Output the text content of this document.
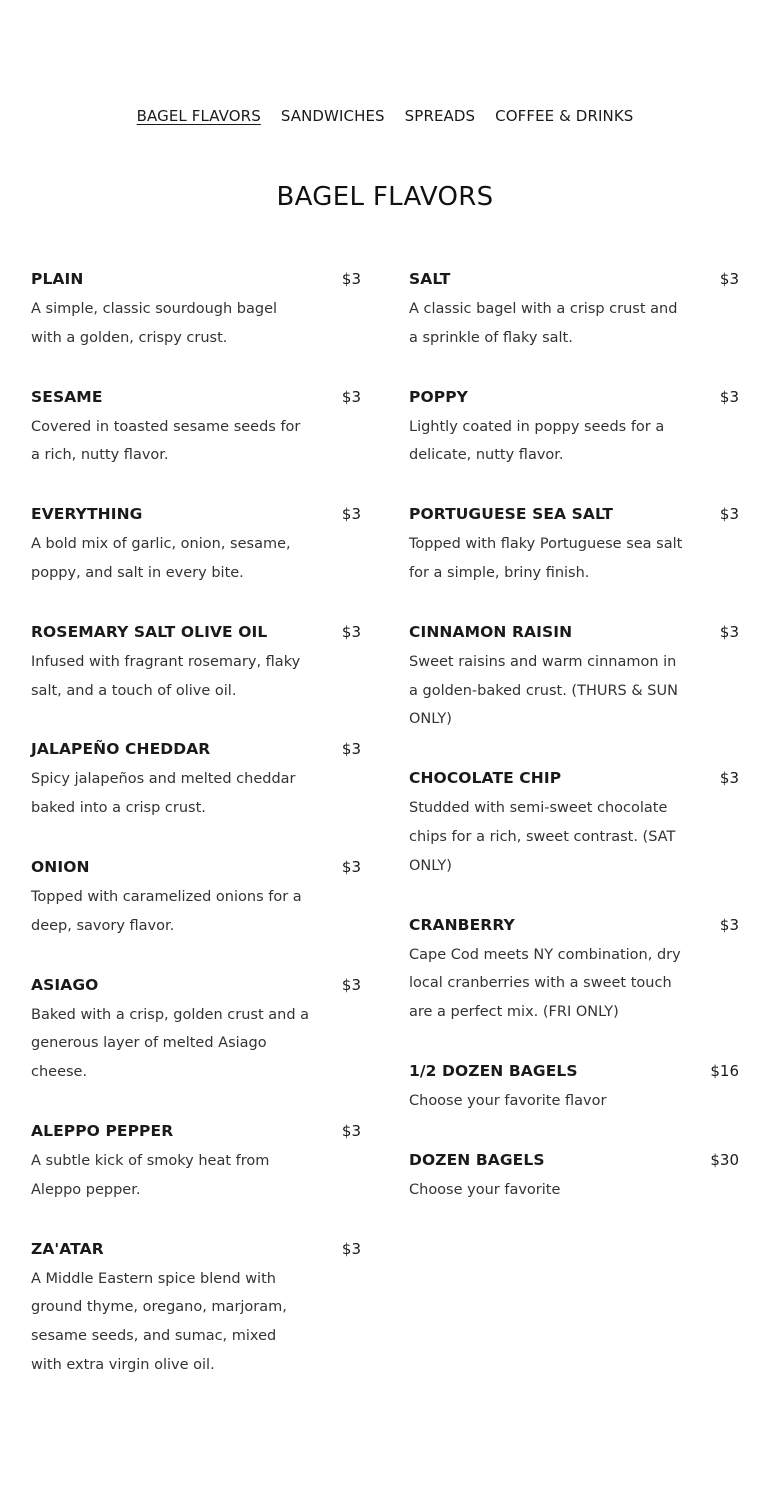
BAGEL FLAVORS SANDWICHES SPREADS COFFEE & DRINKS
BAGEL FLAVORS
PLAIN	$3
A simple, classic sourdough bagel with a golden, crispy crust.
SESAME	$3
Covered in toasted sesame seeds for a rich, nutty flavor.
EVERYTHING	$3
A bold mix of garlic, onion, sesame, poppy, and salt in every bite.
ROSEMARY SALT OLIVE OIL	$3
Infused with fragrant rosemary, flaky salt, and a touch of olive oil.
JALAPEÑO CHEDDAR	$3
Spicy jalapeños and melted cheddar baked into a crisp crust.
ONION	$3
Topped with caramelized onions for a deep, savory flavor.
ASIAGO	$3
Baked with a crisp, golden crust and a generous layer of melted Asiago cheese.
ALEPPO PEPPER	$3
A subtle kick of smoky heat from Aleppo pepper.
ZA'ATAR	$3
A Middle Eastern spice blend with ground thyme, oregano, marjoram, sesame seeds, and sumac, mixed with extra virgin olive oil.
SALT	$3
A classic bagel with a crisp crust and a sprinkle of flaky salt.
POPPY	$3
Lightly coated in poppy seeds for a delicate, nutty flavor.
PORTUGUESE SEA SALT	$3
Topped with flaky Portuguese sea salt for a simple, briny finish.
CINNAMON RAISIN	$3
Sweet raisins and warm cinnamon in a golden-baked crust. (THURS & SUN ONLY)
CHOCOLATE CHIP	$3
Studded with semi-sweet chocolate chips for a rich, sweet contrast. (SAT ONLY)
CRANBERRY	$3
Cape Cod meets NY combination, dry local cranberries with a sweet touch are a perfect mix. (FRI ONLY)
1/2 DOZEN BAGELS	$16
Choose your favorite flavor
DOZEN BAGELS	$30
Choose your favorite
